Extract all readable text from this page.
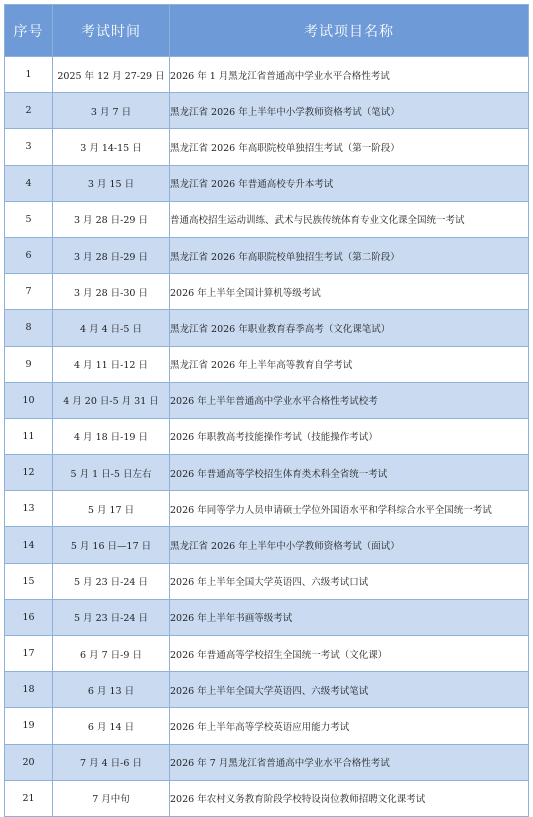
序号	考试时间	考试项目名称
1	2025 年 12 月 27-29 日	2026 年 1 月黑龙江省普通高中学业水平合格性考试
2	3 月 7 日	黑龙江省 2026 年上半年中小学教师资格考试（笔试）
3	3 月 14-15 日	黑龙江省 2026 年高职院校单独招生考试（第一阶段）
4	3 月 15 日	黑龙江省 2026 年普通高校专升本考试
5	3 月 28 日-29 日	普通高校招生运动训练、武术与民族传统体育专业文化课全国统一考试
6	3 月 28 日-29 日	黑龙江省 2026 年高职院校单独招生考试（第二阶段）
7	3 月 28 日-30 日	2026 年上半年全国计算机等级考试
8	4 月 4 日-5 日	黑龙江省 2026 年职业教育春季高考（文化课笔试）
9	4 月 11 日-12 日	黑龙江省 2026 年上半年高等教育自学考试
10	4 月 20 日-5 月 31 日	2026 年上半年普通高中学业水平合格性考试校考
11	4 月 18 日-19 日	2026 年职教高考技能操作考试（技能操作考试）
12	5 月 1 日-5 日左右	2026 年普通高等学校招生体育类术科全省统一考试
13	5 月 17 日	2026 年同等学力人员申请硕士学位外国语水平和学科综合水平全国统一考试
14	5 月 16 日—17 日	黑龙江省 2026 年上半年中小学教师资格考试（面试）
15	5 月 23 日-24 日	2026 年上半年全国大学英语四、六级考试口试
16	5 月 23 日-24 日	2026 年上半年书画等级考试
17	6 月 7 日-9 日	2026 年普通高等学校招生全国统一考试（文化课）
18	6 月 13 日	2026 年上半年全国大学英语四、六级考试笔试
19	6 月 14 日	2026 年上半年高等学校英语应用能力考试
20	7 月 4 日-6 日	2026 年 7 月黑龙江省普通高中学业水平合格性考试
21	7 月中旬	2026 年农村义务教育阶段学校特设岗位教师招聘文化课考试
